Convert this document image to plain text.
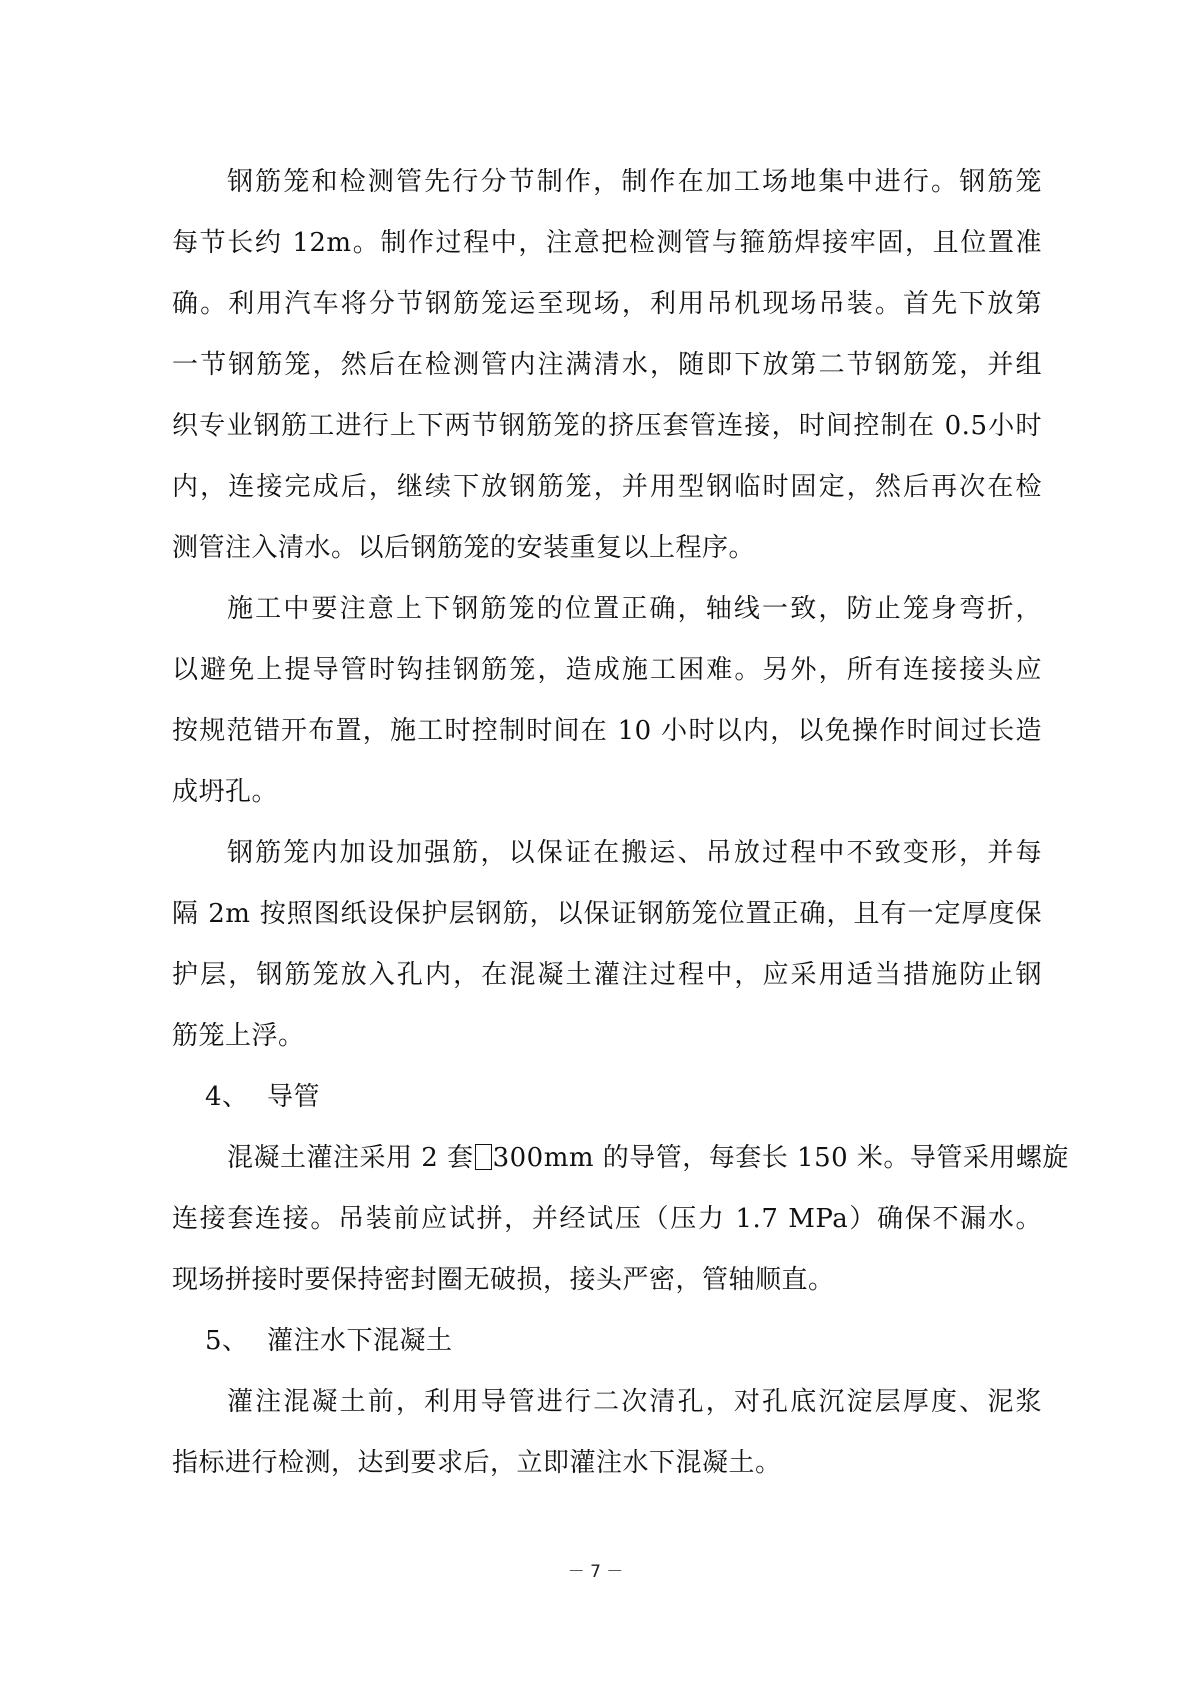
钢筋笼和检测管先行分节制作，制作在加工场地集中进行。钢筋笼
每节长约 12m。制作过程中，注意把检测管与箍筋焊接牢固，且位置准
确。利用汽车将分节钢筋笼运至现场，利用吊机现场吊装。首先下放第
一节钢筋笼，然后在检测管内注满清水，随即下放第二节钢筋笼，并组
织专业钢筋工进行上下两节钢筋笼的挤压套管连接，时间控制在 0.5小时
内，连接完成后，继续下放钢筋笼，并用型钢临时固定，然后再次在检
测管注入清水。以后钢筋笼的安装重复以上程序。
施工中要注意上下钢筋笼的位置正确，轴线一致，防止笼身弯折，
以避免上提导管时钩挂钢筋笼，造成施工困难。另外，所有连接接头应
按规范错开布置，施工时控制时间在 10 小时以内，以免操作时间过长造
成坍孔。
钢筋笼内加设加强筋，以保证在搬运、吊放过程中不致变形，并每
隔 2m 按照图纸设保护层钢筋，以保证钢筋笼位置正确，且有一定厚度保
护层，钢筋笼放入孔内，在混凝土灌注过程中，应采用适当措施防止钢
筋笼上浮。
4、 导管
混凝土灌注采用 2 套 300mm 的导管，每套长 150 米。导管采用螺旋
连接套连接。吊装前应试拼，并经试压（压力 1.7 MPa）确保不漏水。
现场拼接时要保持密封圈无破损，接头严密，管轴顺直。
5、 灌注水下混凝土
灌注混凝土前，利用导管进行二次清孔，对孔底沉淀层厚度、泥浆
指标进行检测，达到要求后，立即灌注水下混凝土。
－ 7 －
